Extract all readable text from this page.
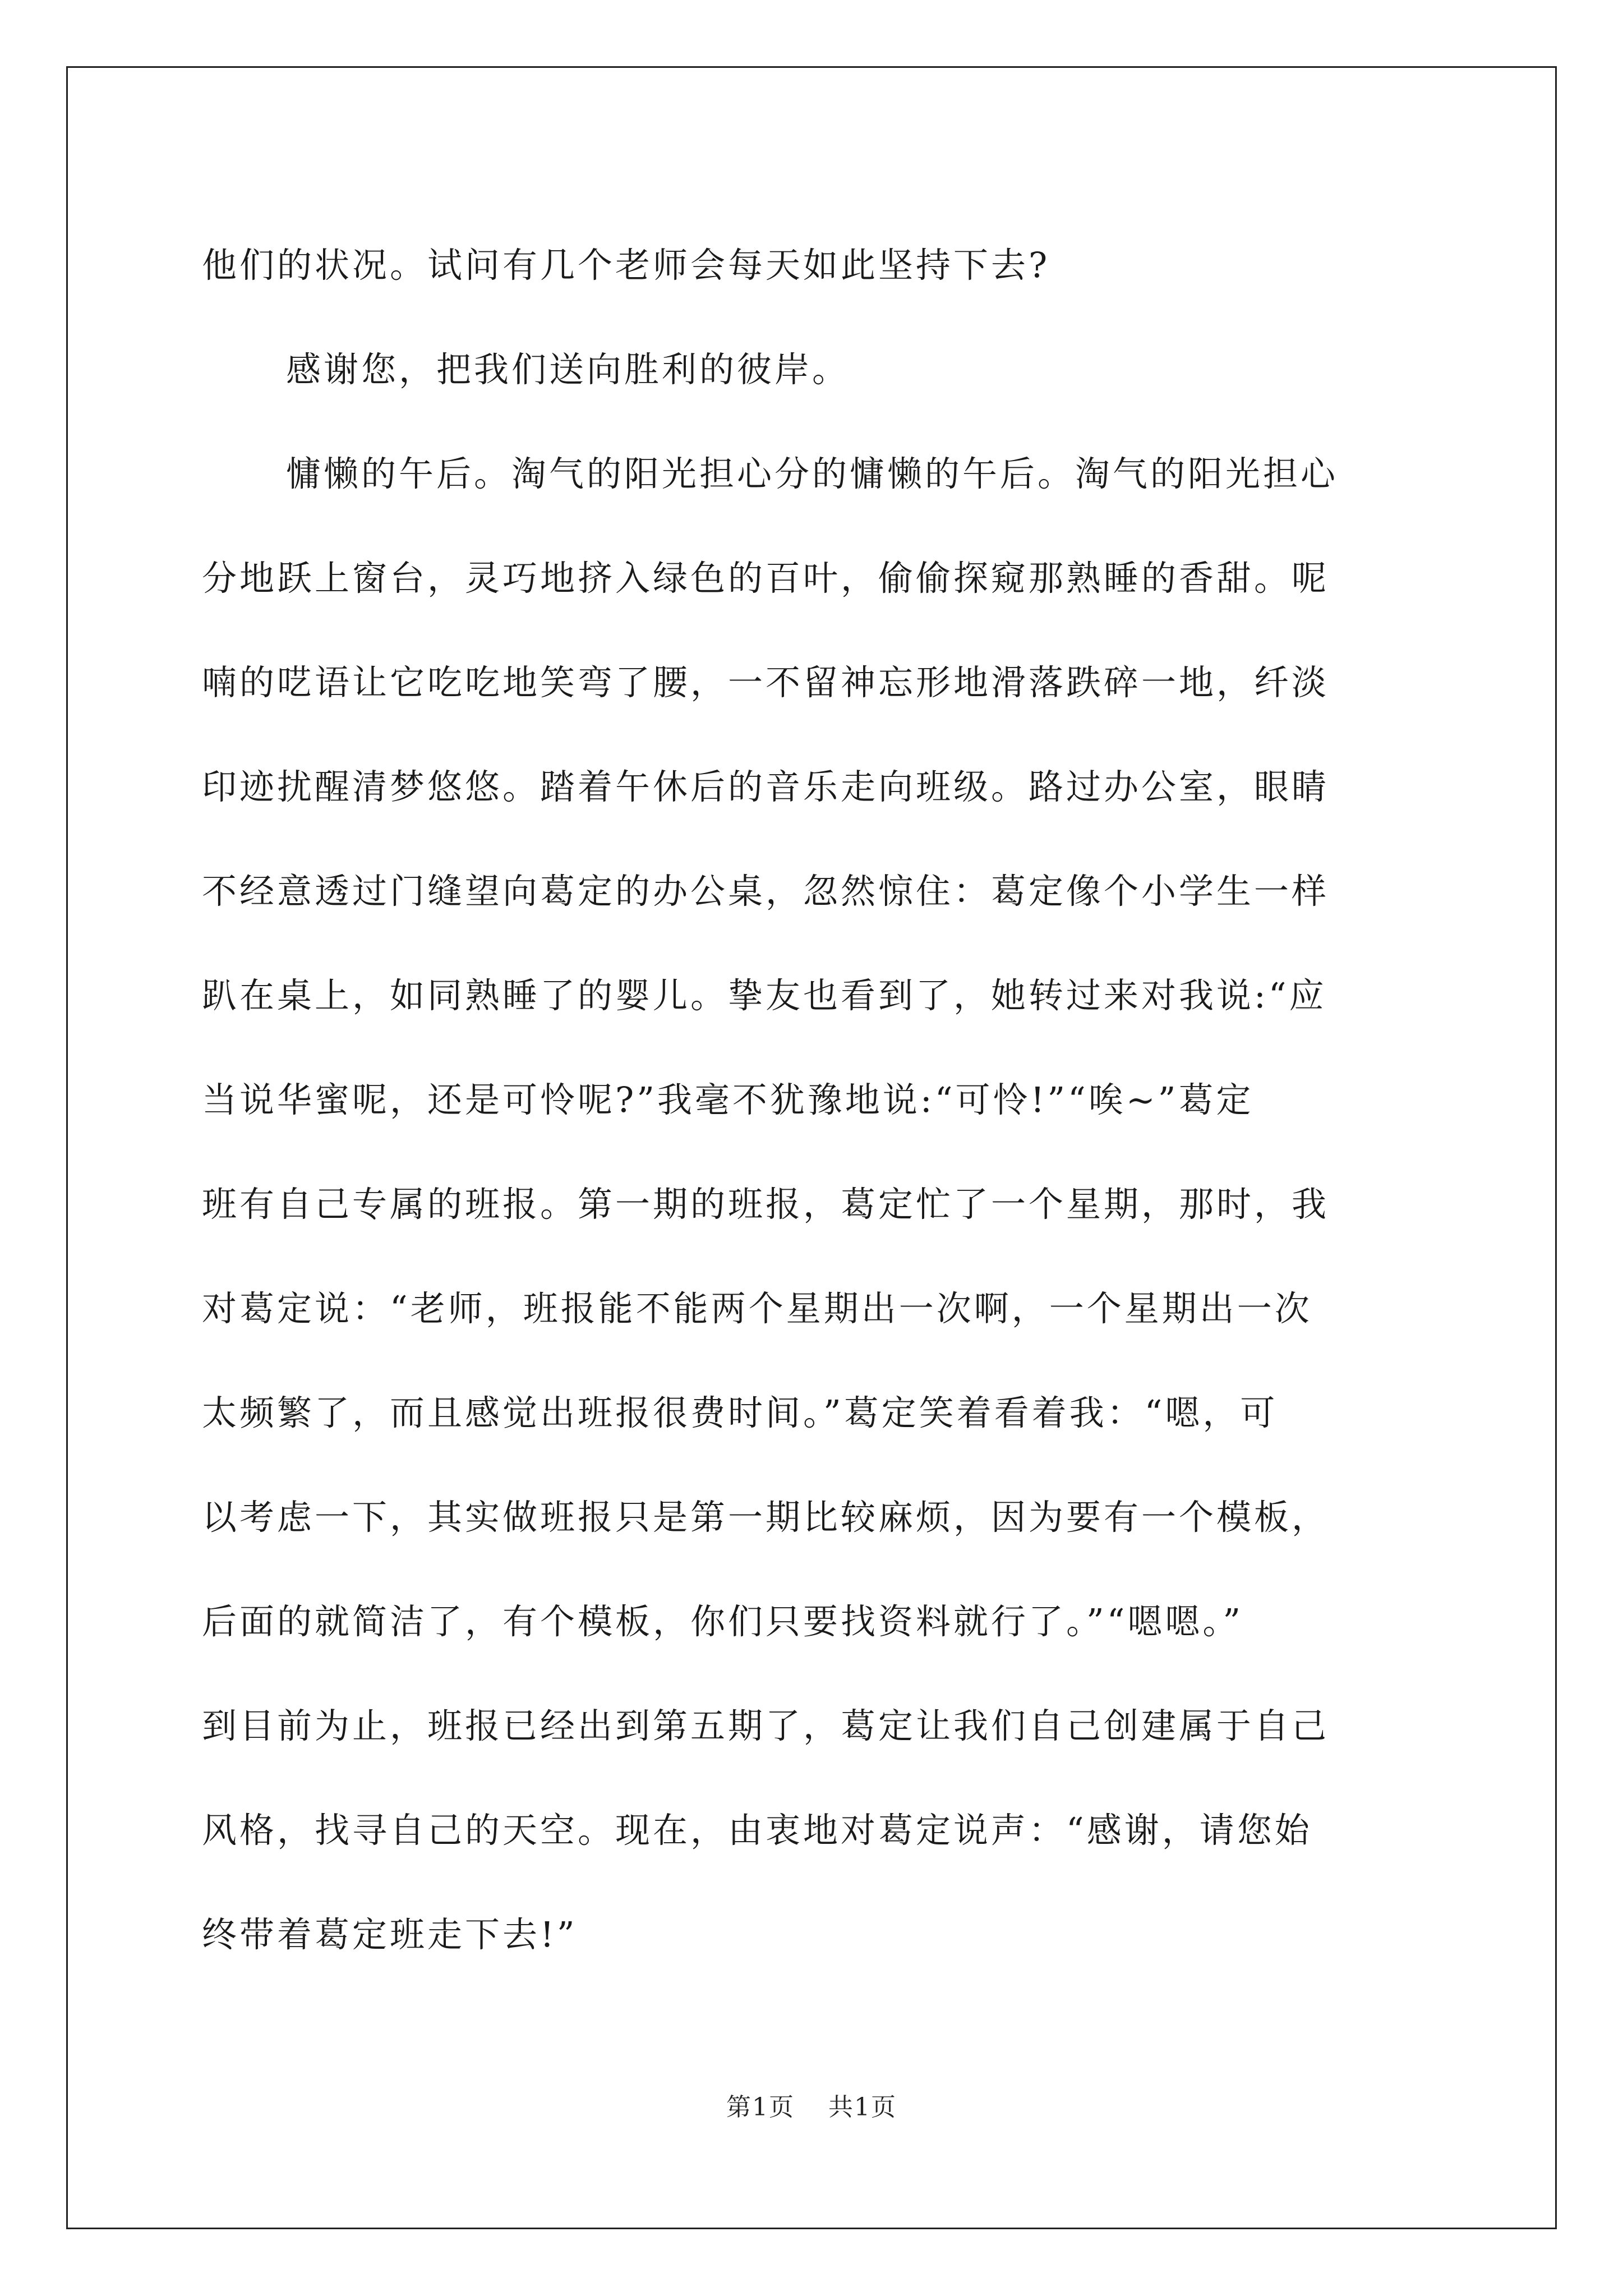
他们的状况。试问有几个老师会每天如此坚持下去?
感谢您，把我们送向胜利的彼岸。
慵懒的午后。淘气的阳光担心分的慵懒的午后。淘气的阳光担心
分地跃上窗台，灵巧地挤入绿色的百叶，偷偷探窥那熟睡的香甜。呢
喃的呓语让它吃吃地笑弯了腰，一不留神忘形地滑落跌碎一地，纤淡
印迹扰醒清梦悠悠。踏着午休后的音乐走向班级。路过办公室，眼睛
不经意透过门缝望向葛定的办公桌，忽然惊住：葛定像个小学生一样
趴在桌上，如同熟睡了的婴儿。挚友也看到了，她转过来对我说:“应
当说华蜜呢，还是可怜呢?”我毫不犹豫地说:“可怜!”“唉~”葛定
班有自己专属的班报。第一期的班报，葛定忙了一个星期，那时，我
对葛定说：“老师，班报能不能两个星期出一次啊，一个星期出一次
太频繁了，而且感觉出班报很费时间。”葛定笑着看着我：“嗯，可
以考虑一下，其实做班报只是第一期比较麻烦，因为要有一个模板，
后面的就简洁了，有个模板，你们只要找资料就行了。”“嗯嗯。”
到目前为止，班报已经出到第五期了，葛定让我们自己创建属于自己
风格，找寻自己的天空。现在，由衷地对葛定说声：“感谢，请您始
终带着葛定班走下去!”
第1页 共1页
